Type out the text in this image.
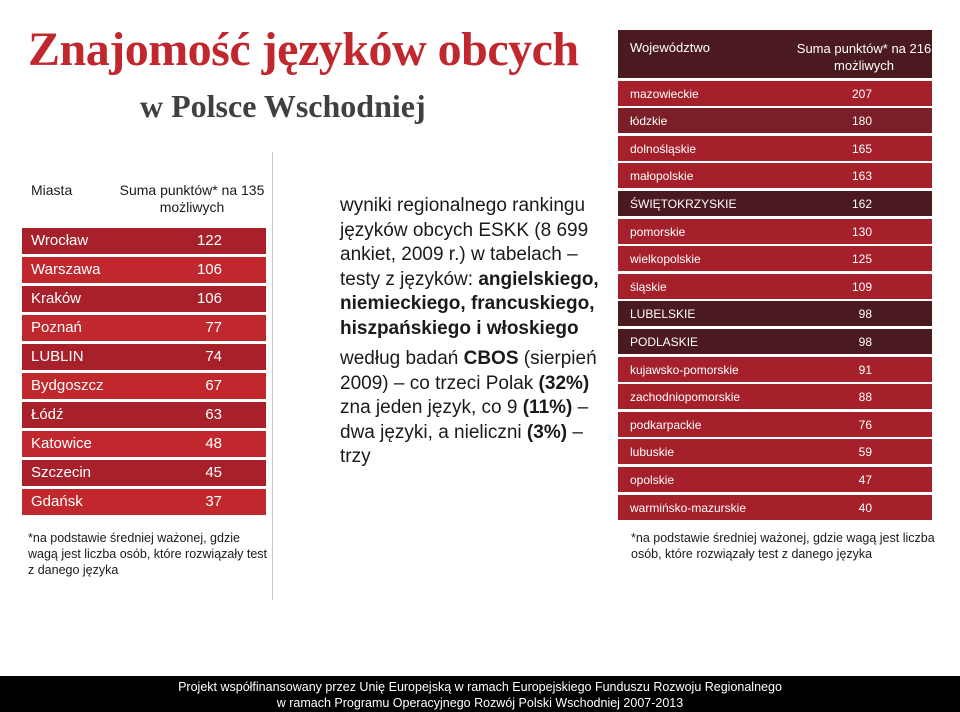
Znajomość języków obcych
w Polsce Wschodniej
Miasta	Suma punktów* na 135 możliwych
Wrocław	122
Warszawa	106
Kraków	106
Poznań	77
LUBLIN	74
Bydgoszcz	67
Łódź	63
Katowice	48
Szczecin	45
Gdańsk	37
*na podstawie średniej ważonej, gdzie wagą jest liczba osób, które rozwiązały test z danego języka

wyniki regionalnego rankingu języków obcych ESKK (8 699 ankiet, 2009 r.) w tabelach – testy z języków: angielskiego, niemieckiego, francuskiego, hiszpańskiego i włoskiego

według badań CBOS (sierpień 2009) – co trzeci Polak (32%) zna jeden język, co 9 (11%) – dwa języki, a nieliczni (3%) – trzy

Województwo	Suma punktów* na 216 możliwych
mazowieckie	207
łódzkie	180
dolnośląskie	165
małopolskie	163
ŚWIĘTOKRZYSKIE	162
pomorskie	130
wielkopolskie	125
śląskie	109
LUBELSKIE	98
PODLASKIE	98
kujawsko-pomorskie	91
zachodniopomorskie	88
podkarpackie	76
lubuskie	59
opolskie	47
warmińsko-mazurskie	40
*na podstawie średniej ważonej, gdzie wagą jest liczba osób, które rozwiązały test z danego języka
Projekt współfinansowany przez Unię Europejską w ramach Europejskiego Funduszu Rozwoju Regionalnego
w ramach Programu Operacyjnego Rozwój Polski Wschodniej 2007-2013
